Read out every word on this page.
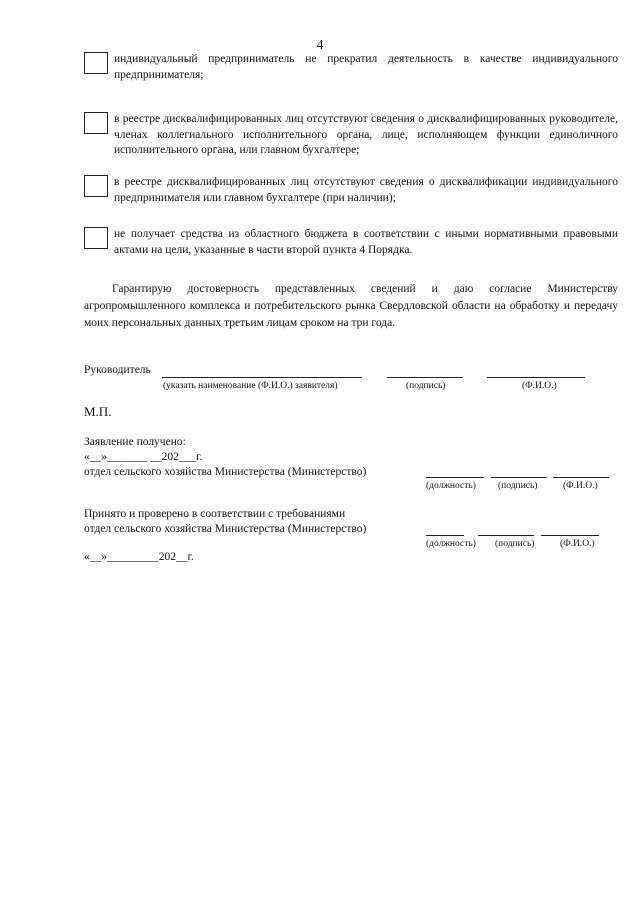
4
индивидуальный предприниматель не прекратил деятельность в качестве индивидуального предпринимателя;
в реестре дисквалифицированных лиц отсутствуют сведения о дисквалифицированных руководителе, членах коллегиального исполнительного органа, лице, исполняющем функции единоличного исполнительного органа, или главном бухгалтере;
в реестре дисквалифицированных лиц отсутствуют сведения о дисквалификации индивидуального предпринимателя или главном бухгалтере (при наличии);
не получает средства из областного бюджета в соответствии с иными нормативными правовыми актами на цели, указанные в части второй пункта 4 Порядка.
Гарантирую достоверность представленных сведений и даю согласие Министерству агропромышленного комплекса и потребительского рынка Свердловской области на обработку и передачу моих персональных данных третьим лицам сроком на три года.
Руководитель
(указать наименование (Ф.И.О.) заявителя)	(подпись)	(Ф.И.О.)
М.П.
Заявление получено:
«__»_______ __202___г.
отдел сельского хозяйства Министерства (Министерство)
(должность) (подпись)	(Ф.И.О.)
Принято и проверено в соответствии с требованиями
отдел сельского хозяйства Министерства (Министерство)
(должность) (подпись)	(Ф.И.О.)
«__»_________202__г.
